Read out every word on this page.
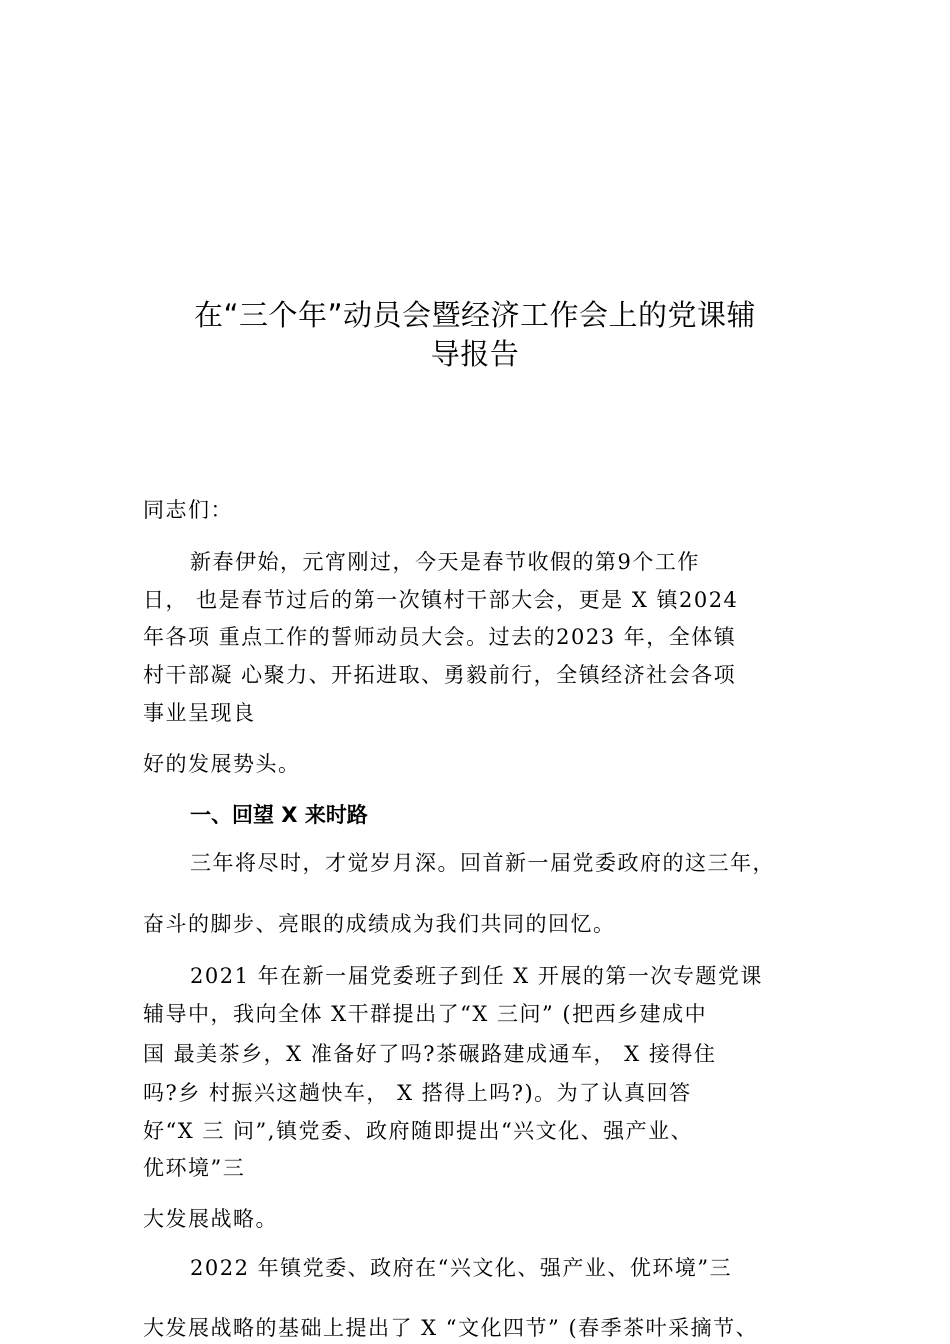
在“三个年”动员会暨经济工作会上的党课辅
导报告

同志们：

新春伊始，元宵刚过，今天是春节收假的第9个工作

日， 也是春节过后的第一次镇村干部大会，更是 X 镇2024

年各项 重点工作的誓师动员大会。过去的2023 年，全体镇

村干部凝 心聚力、开拓进取、勇毅前行，全镇经济社会各项

事业呈现良

好的发展势头。

一、回望 X 来时路

三年将尽时，才觉岁月深。回首新一届党委政府的这三年，

奋斗的脚步、亮眼的成绩成为我们共同的回忆。

2021 年在新一届党委班子到任 X 开展的第一次专题党课

辅导中，我向全体 X干群提出了“X 三问” (把西乡建成中

国 最美茶乡，X 准备好了吗?茶碾路建成通车， X 接得住

吗?乡 村振兴这趟快车， X 搭得上吗?)。为了认真回答

好“X 三 问”,镇党委、政府随即提出“兴文化、强产业、

优环境”三

大发展战略。

2022 年镇党委、政府在“兴文化、强产业、优环境”三

大发展战略的基础上提出了 X “文化四节” (春季茶叶采摘节、
